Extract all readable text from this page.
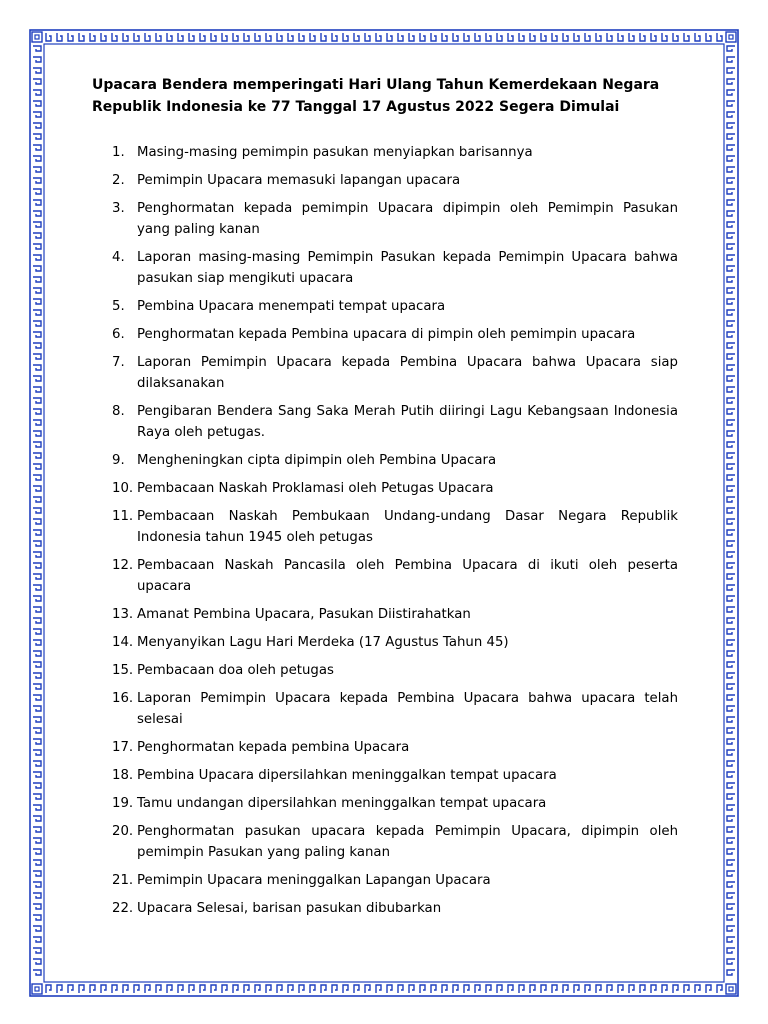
Upacara Bendera memperingati Hari Ulang Tahun Kemerdekaan Negara
Republik Indonesia ke 77 Tanggal 17 Agustus 2022 Segera Dimulai
1. Masing-masing pemimpin pasukan menyiapkan barisannya
2. Pemimpin Upacara memasuki lapangan upacara
3. Penghormatan kepada pemimpin Upacara dipimpin oleh Pemimpin Pasukan yang paling kanan
4. Laporan masing-masing Pemimpin Pasukan kepada Pemimpin Upacara bahwa pasukan siap mengikuti upacara
5. Pembina Upacara menempati tempat upacara
6. Penghormatan kepada Pembina upacara di pimpin oleh pemimpin upacara
7. Laporan Pemimpin Upacara kepada Pembina Upacara bahwa Upacara siap dilaksanakan
8. Pengibaran Bendera Sang Saka Merah Putih diiringi Lagu Kebangsaan Indonesia Raya oleh petugas.
9. Mengheningkan cipta dipimpin oleh Pembina Upacara
10. Pembacaan Naskah Proklamasi oleh Petugas Upacara
11. Pembacaan Naskah Pembukaan Undang-undang Dasar Negara Republik Indonesia tahun 1945 oleh petugas
12. Pembacaan Naskah Pancasila oleh Pembina Upacara di ikuti oleh peserta upacara
13. Amanat Pembina Upacara, Pasukan Diistirahatkan
14. Menyanyikan Lagu Hari Merdeka (17 Agustus Tahun 45)
15. Pembacaan doa oleh petugas
16. Laporan Pemimpin Upacara kepada Pembina Upacara bahwa upacara telah selesai
17. Penghormatan kepada pembina Upacara
18. Pembina Upacara dipersilahkan meninggalkan tempat upacara
19. Tamu undangan dipersilahkan meninggalkan tempat upacara
20. Penghormatan pasukan upacara kepada Pemimpin Upacara, dipimpin oleh pemimpin Pasukan yang paling kanan
21. Pemimpin Upacara meninggalkan Lapangan Upacara
22. Upacara Selesai, barisan pasukan dibubarkan
